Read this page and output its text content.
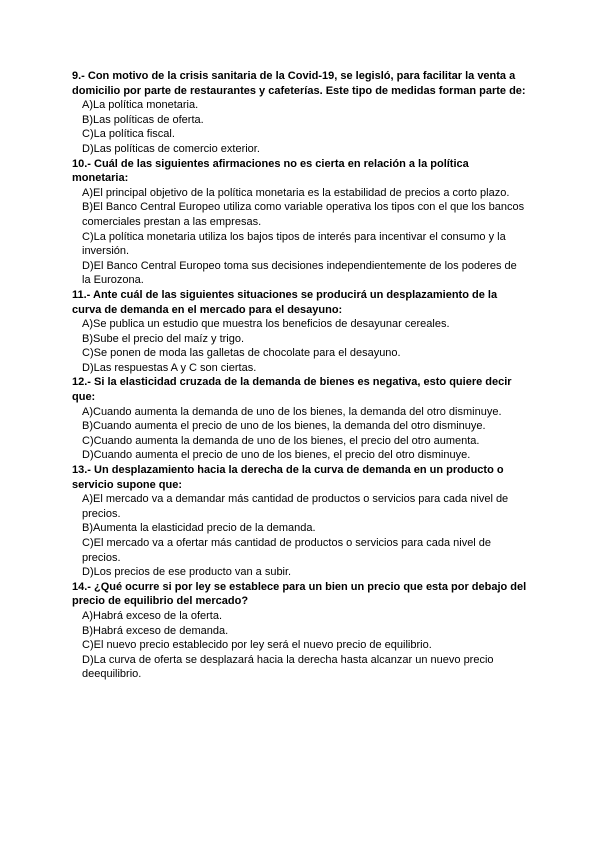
9.- Con motivo de la crisis sanitaria de la Covid-19, se legisló, para facilitar la venta a domicilio por parte de restaurantes y cafeterías. Este tipo de medidas forman parte de:

A)La política monetaria.

B)Las políticas de oferta.

C)La política fiscal.

D)Las políticas de comercio exterior.

10.- Cuál de las siguientes afirmaciones no es cierta en relación a la política monetaria:

A)El principal objetivo de la política monetaria es la estabilidad de precios a corto plazo.

B)El Banco Central Europeo utiliza como variable operativa los tipos con el que los bancos comerciales prestan a las empresas.

C)La política monetaria utiliza los bajos tipos de interés para incentivar el consumo y la inversión.

D)El Banco Central Europeo toma sus decisiones independientemente de los poderes de la Eurozona.

11.- Ante cuál de las siguientes situaciones se producirá un desplazamiento de la curva de demanda en el mercado para el desayuno:

A)Se publica un estudio que muestra los beneficios de desayunar cereales.

B)Sube el precio del maíz y trigo.

C)Se ponen de moda las galletas de chocolate para el desayuno.

D)Las respuestas A y C son ciertas.

12.- Si la elasticidad cruzada de la demanda de bienes es negativa, esto quiere decir que:

A)Cuando aumenta la demanda de uno de los bienes, la demanda del otro disminuye.

B)Cuando aumenta el precio de uno de los bienes, la demanda del otro disminuye.

C)Cuando aumenta la demanda de uno de los bienes, el precio del otro aumenta.

D)Cuando aumenta el precio de uno de los bienes, el precio del otro disminuye.

13.- Un desplazamiento hacia la derecha de la curva de demanda en un producto o servicio supone que:

A)El mercado va a demandar más cantidad de productos o servicios para cada nivel de precios.

B)Aumenta la elasticidad precio de la demanda.

C)El mercado va a ofertar más cantidad de productos o servicios para cada nivel de precios.

D)Los precios de ese producto van a subir.

14.- ¿Qué ocurre si por ley se establece para un bien un precio que esta por debajo del precio de equilibrio del mercado?

A)Habrá exceso de la oferta.

B)Habrá exceso de demanda.

C)El nuevo precio establecido por ley será el nuevo precio de equilibrio.

D)La curva de oferta se desplazará hacia la derecha hasta alcanzar un nuevo precio deequilibrio.
